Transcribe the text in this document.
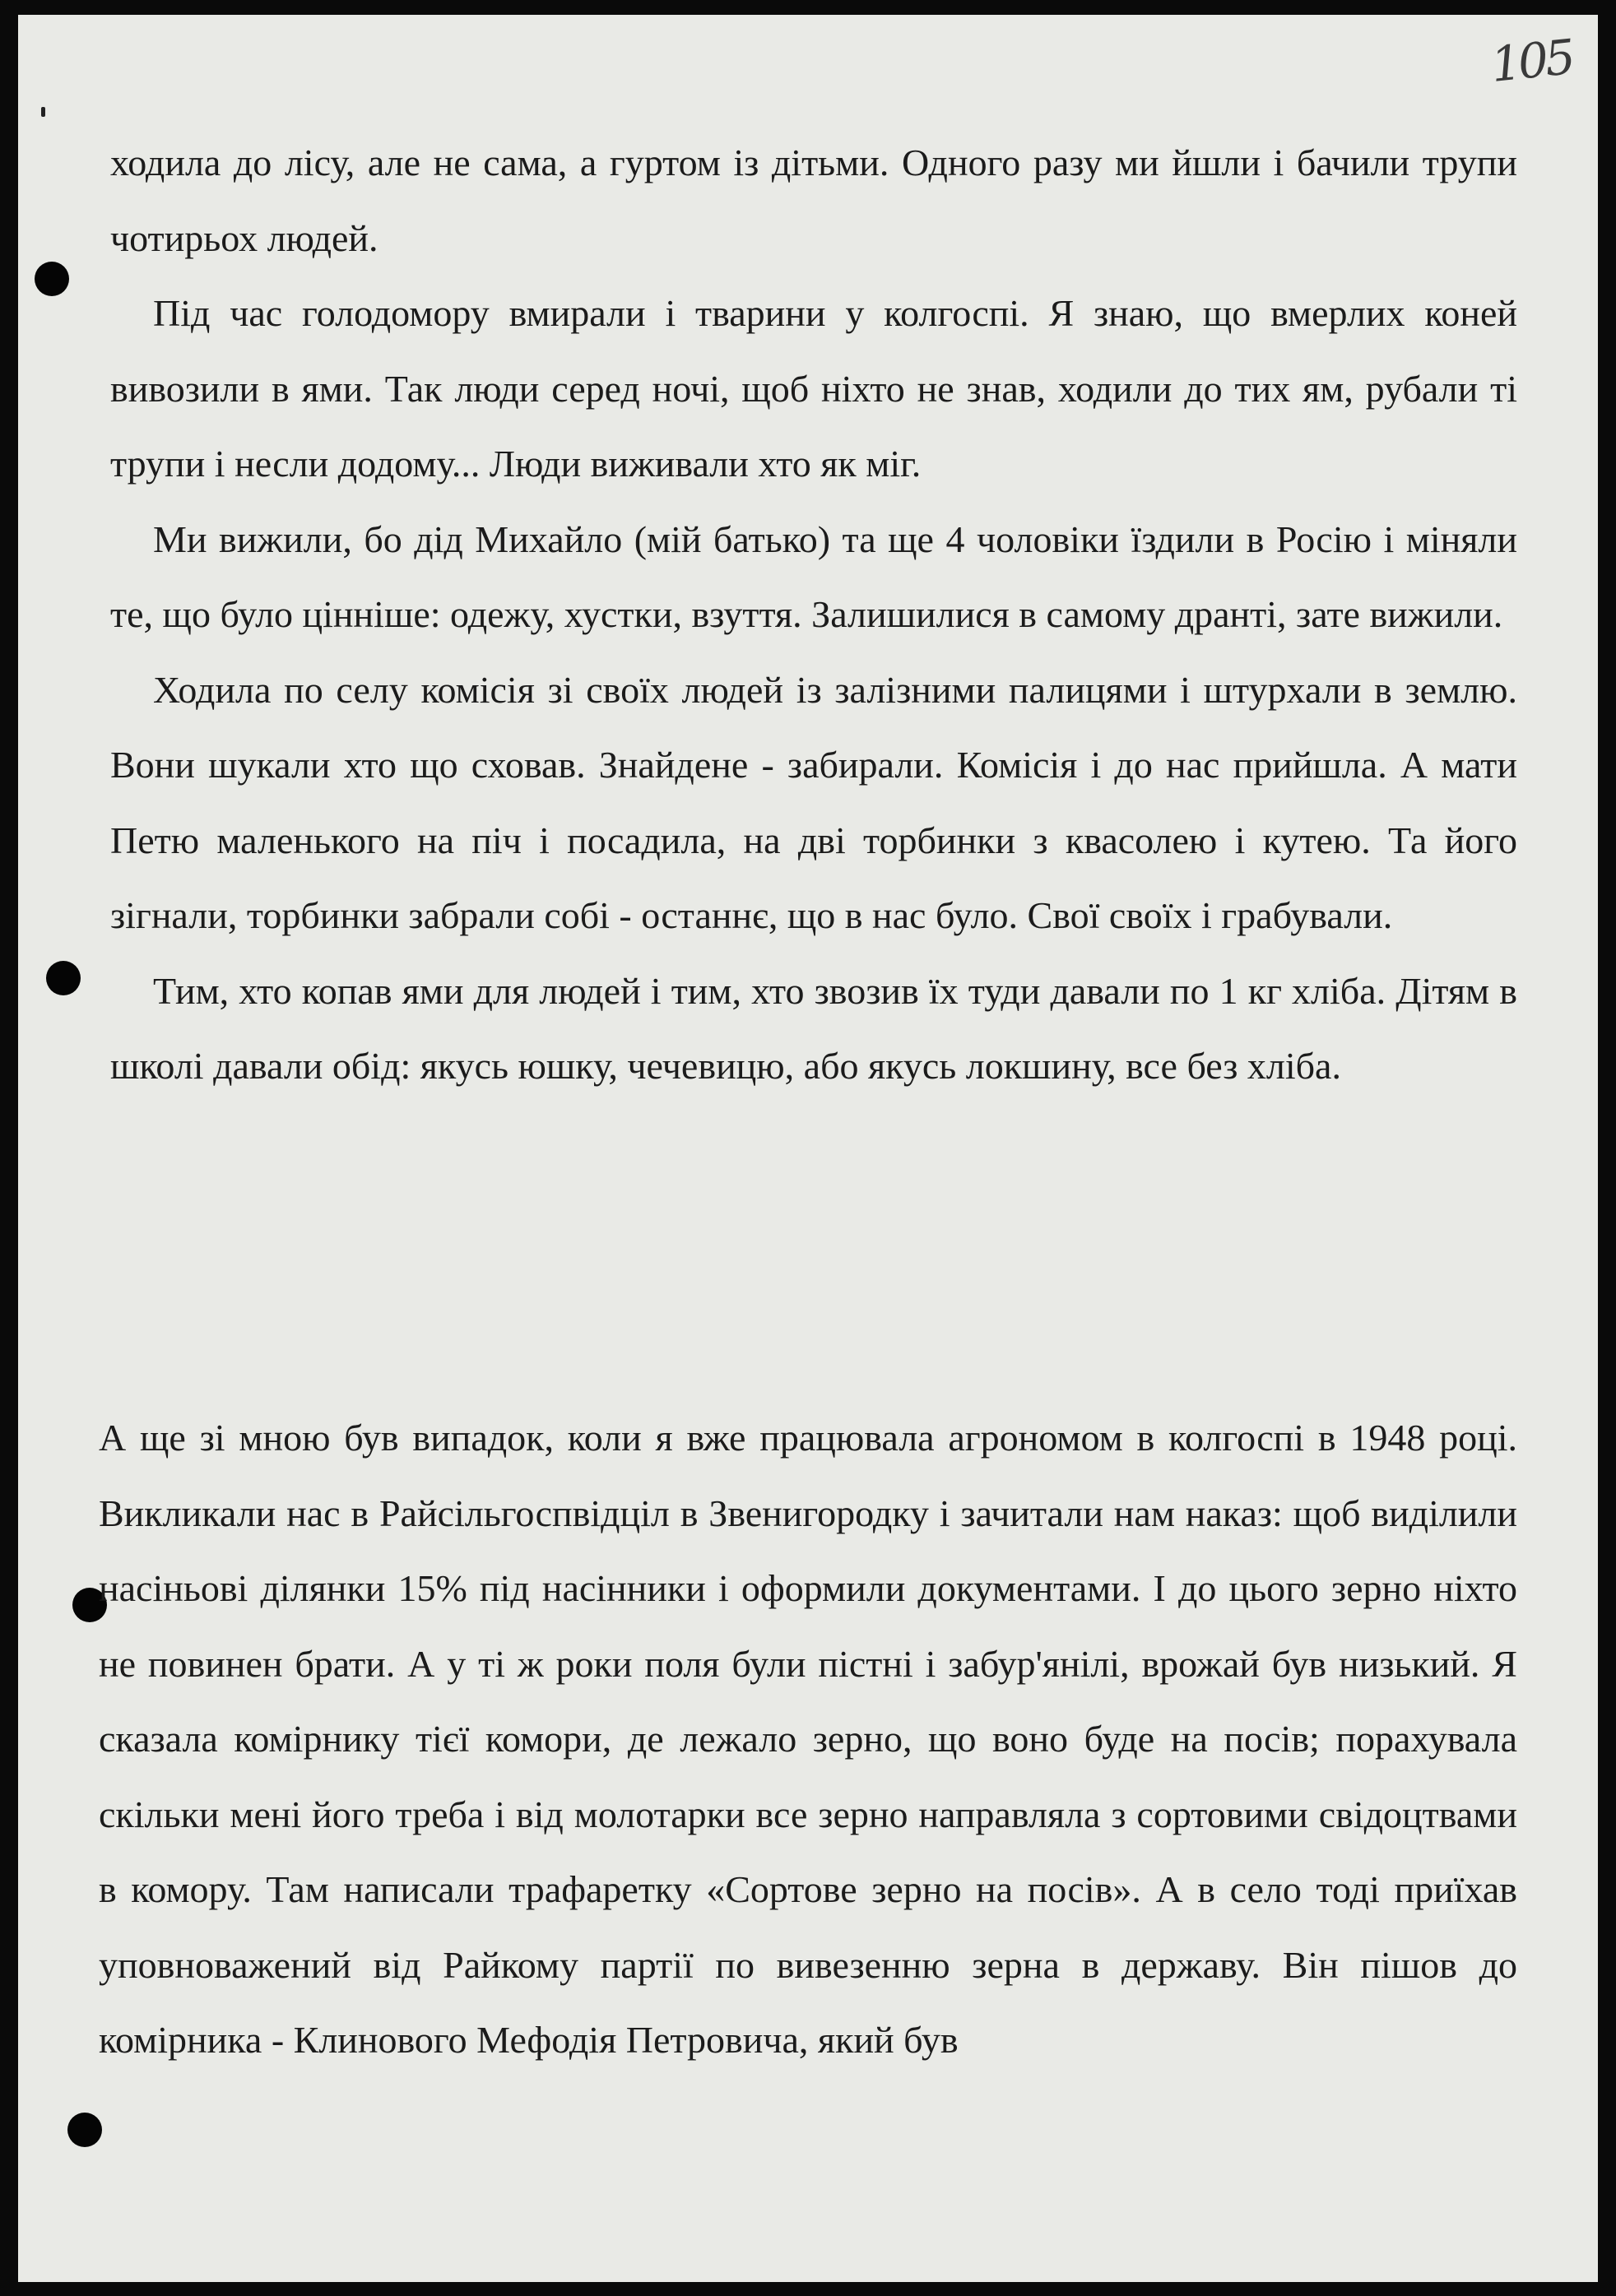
105

ходила до лісу, але не сама, а гуртом із дітьми. Одного разу ми йшли і бачили трупи чотирьох людей.

Під час голодомору вмирали і тварини у колгоспі. Я знаю, що вмерлих коней вивозили в ями. Так люди серед ночі, щоб ніхто не знав, ходили до тих ям, рубали ті трупи і несли додому... Люди виживали хто як міг.

Ми вижили, бо дід Михайло (мій батько) та ще 4 чоловіки їздили в Росію і міняли те, що було цінніше: одежу, хустки, взуття. Залишилися в самому дранті, зате вижили.

Ходила по селу комісія зі своїх людей із залізними палицями і штурхали в землю. Вони шукали хто що сховав. Знайдене - забирали. Комісія і до нас прийшла. А мати Петю маленького на піч і посадила, на дві торбинки з квасолею і кутею. Та його зігнали, торбинки забрали собі - останнє, що в нас було. Свої своїх і грабували.

Тим, хто копав ями для людей і тим, хто звозив їх туди давали по 1 кг хліба. Дітям в школі давали обід: якусь юшку, чечевицю, або якусь локшину, все без хліба.

А ще зі мною був випадок, коли я вже працювала агрономом в колгоспі в 1948 році. Викликали нас в Райсільгоспвідціл в Звенигородку і зачитали нам наказ: щоб виділили насіньові ділянки 15% під насінники і оформили документами. І до цього зерно ніхто не повинен брати. А у ті ж роки поля були пістні і забур'янілі, врожай був низький. Я сказала комірнику тієї комори, де лежало зерно, що воно буде на посів; порахувала скільки мені його треба і від молотарки все зерно направляла з сортовими свідоцтвами в комору. Там написали трафаретку «Сортове зерно на посів». А в село тоді приїхав уповноважений від Райкому партії по вивезенню зерна в державу. Він пішов до комірника - Клинового Мефодія Петровича, який був
